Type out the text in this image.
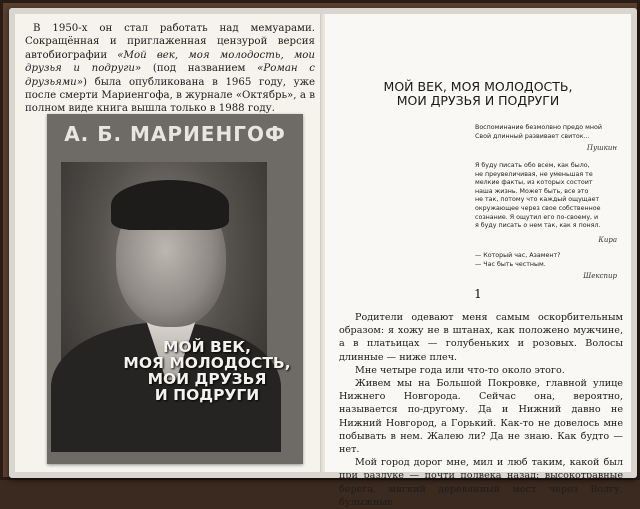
В 1950-х он стал работать над мемуарами. Сокращённая и приглаженная цензурой версия автобиографии «Мой век, моя молодость, мои друзья и подруги» (под названием «Роман с друзьями») была опубликована в 1965 году, уже после смерти Мариенгофа, в журнале «Октябрь», а в полном виде книга вышла только в 1988 году.
А. Б. МАРИЕНГОФ
МОЙ ВЕК,
МОЯ МОЛОДОСТЬ,
МОИ ДРУЗЬЯ
И ПОДРУГИ
МОЙ ВЕК, МОЯ МОЛОДОСТЬ,
МОИ ДРУЗЬЯ И ПОДРУГИ
Воспоминание безмолвно предо мной
Свой длинный развивает свиток...
Пушкин
Я буду писать обо всем, как было,
не преувеличивая, не уменьшая те
мелкие факты, из которых состоит
наша жизнь. Может быть, все это
не так, потому что каждый ощущает
окружающее через свое собственное
сознание. Я ощутил его по-своему, и
я буду писать о нем так, как я понял.
Кира
— Который час, Азамент?
— Час быть честным.
Шекспир
1

Родители одевают меня самым оскорбительным образом: я хожу не в штанах, как положено мужчине, а в платьицах — голубеньких и розовых. Волосы длинные — ниже плеч.

Мне четыре года или что-то около этого.

Живем мы на Большой Покровке, главной улице Нижнего Новгорода. Сейчас она, вероятно, называется по-другому. Да и Нижний давно не Нижний Новгород, а Горький. Как-то не довелось мне побывать в нем. Жалею ли? Да не знаю. Как будто — нет.

Мой город дорог мне, мил и люб таким, какой был при разлуке — почти полвека назад: высокотравные берега, мягкий деревянный мост через Волгу, булыжные
